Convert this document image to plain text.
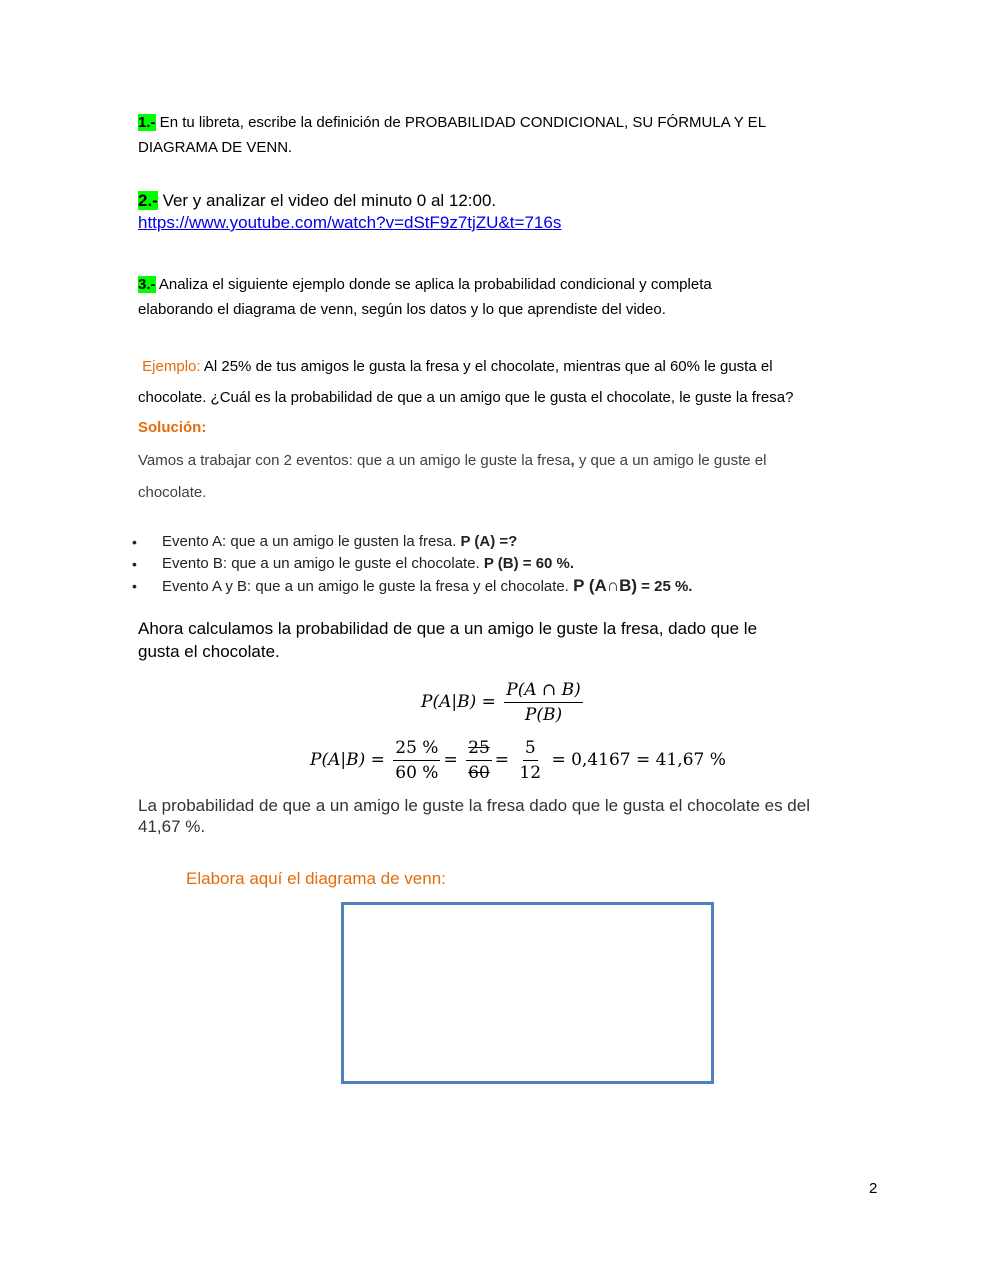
1.- En tu libreta, escribe la definición de PROBABILIDAD CONDICIONAL, SU FÓRMULA Y EL
DIAGRAMA DE VENN.
2.- Ver y analizar el video del minuto 0 al 12:00.
https://www.youtube.com/watch?v=dStF9z7tjZU&t=716s
3.- Analiza el siguiente ejemplo donde se aplica la probabilidad condicional y completa
elaborando el diagrama de venn, según los datos y lo que aprendiste del video.
Ejemplo: Al 25% de tus amigos le gusta la fresa y el chocolate, mientras que al 60% le gusta el
chocolate. ¿Cuál es la probabilidad de que a un amigo que le gusta el chocolate, le guste la fresa?
Solución:
Vamos a trabajar con 2 eventos: que a un amigo le guste la fresa, y que a un amigo le guste el
chocolate.
• Evento A: que a un amigo le gusten la fresa. P (A) =?
• Evento B: que a un amigo le guste el chocolate. P (B) = 60 %.
• Evento A y B: que a un amigo le guste la fresa y el chocolate. P (A∩B) = 25 %.
Ahora calculamos la probabilidad de que a un amigo le guste la fresa, dado que le
gusta el chocolate.
$P(A|B) = \frac{P(A \cap B)}{P(B)}$
$P(A|B) = \frac{25 \%}{60 \%} = \frac{25}{60} = \frac{5}{12} = 0,4167 = 41,67$ %
La probabilidad de que a un amigo le guste la fresa dado que le gusta el chocolate es del
41,67 %.
Elabora aquí el diagrama de venn:
2
